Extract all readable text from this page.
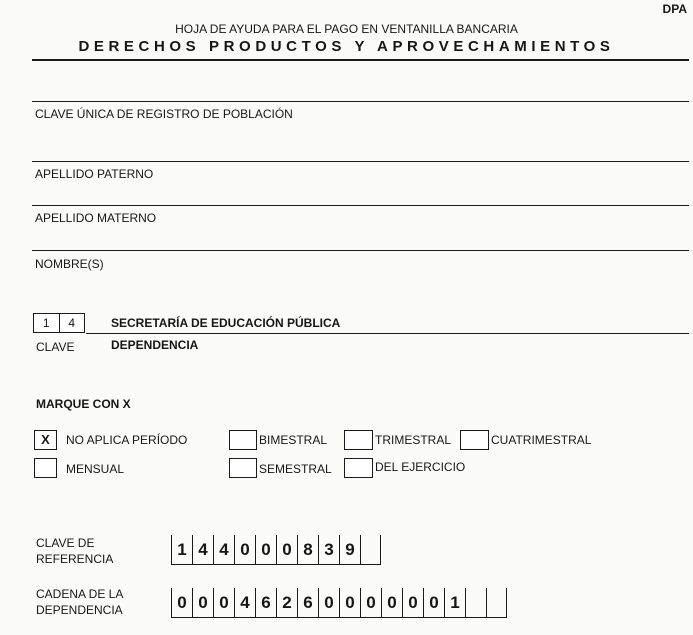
DPA
HOJA DE AYUDA PARA EL PAGO EN VENTANILLA BANCARIA
DERECHOS PRODUCTOS Y APROVECHAMIENTOS
CLAVE ÚNICA DE REGISTRO DE POBLACIÓN
APELLIDO PATERNO
APELLIDO MATERNO
NOMBRE(S)
1	4
CLAVE
SECRETARÍA DE EDUCACIÓN PÚBLICA
DEPENDENCIA
MARQUE CON X
X	NO APLICA PERÍODO	BIMESTRAL	TRIMESTRAL	CUATRIMESTRAL
MENSUAL	SEMESTRAL	DEL EJERCICIO
CLAVE DE
REFERENCIA	1 4 4 0 0 0 8 3 9
CADENA DE LA
DEPENDENCIA	0 0 0 4 6 2 6 0 0 0 0 0 0 1
